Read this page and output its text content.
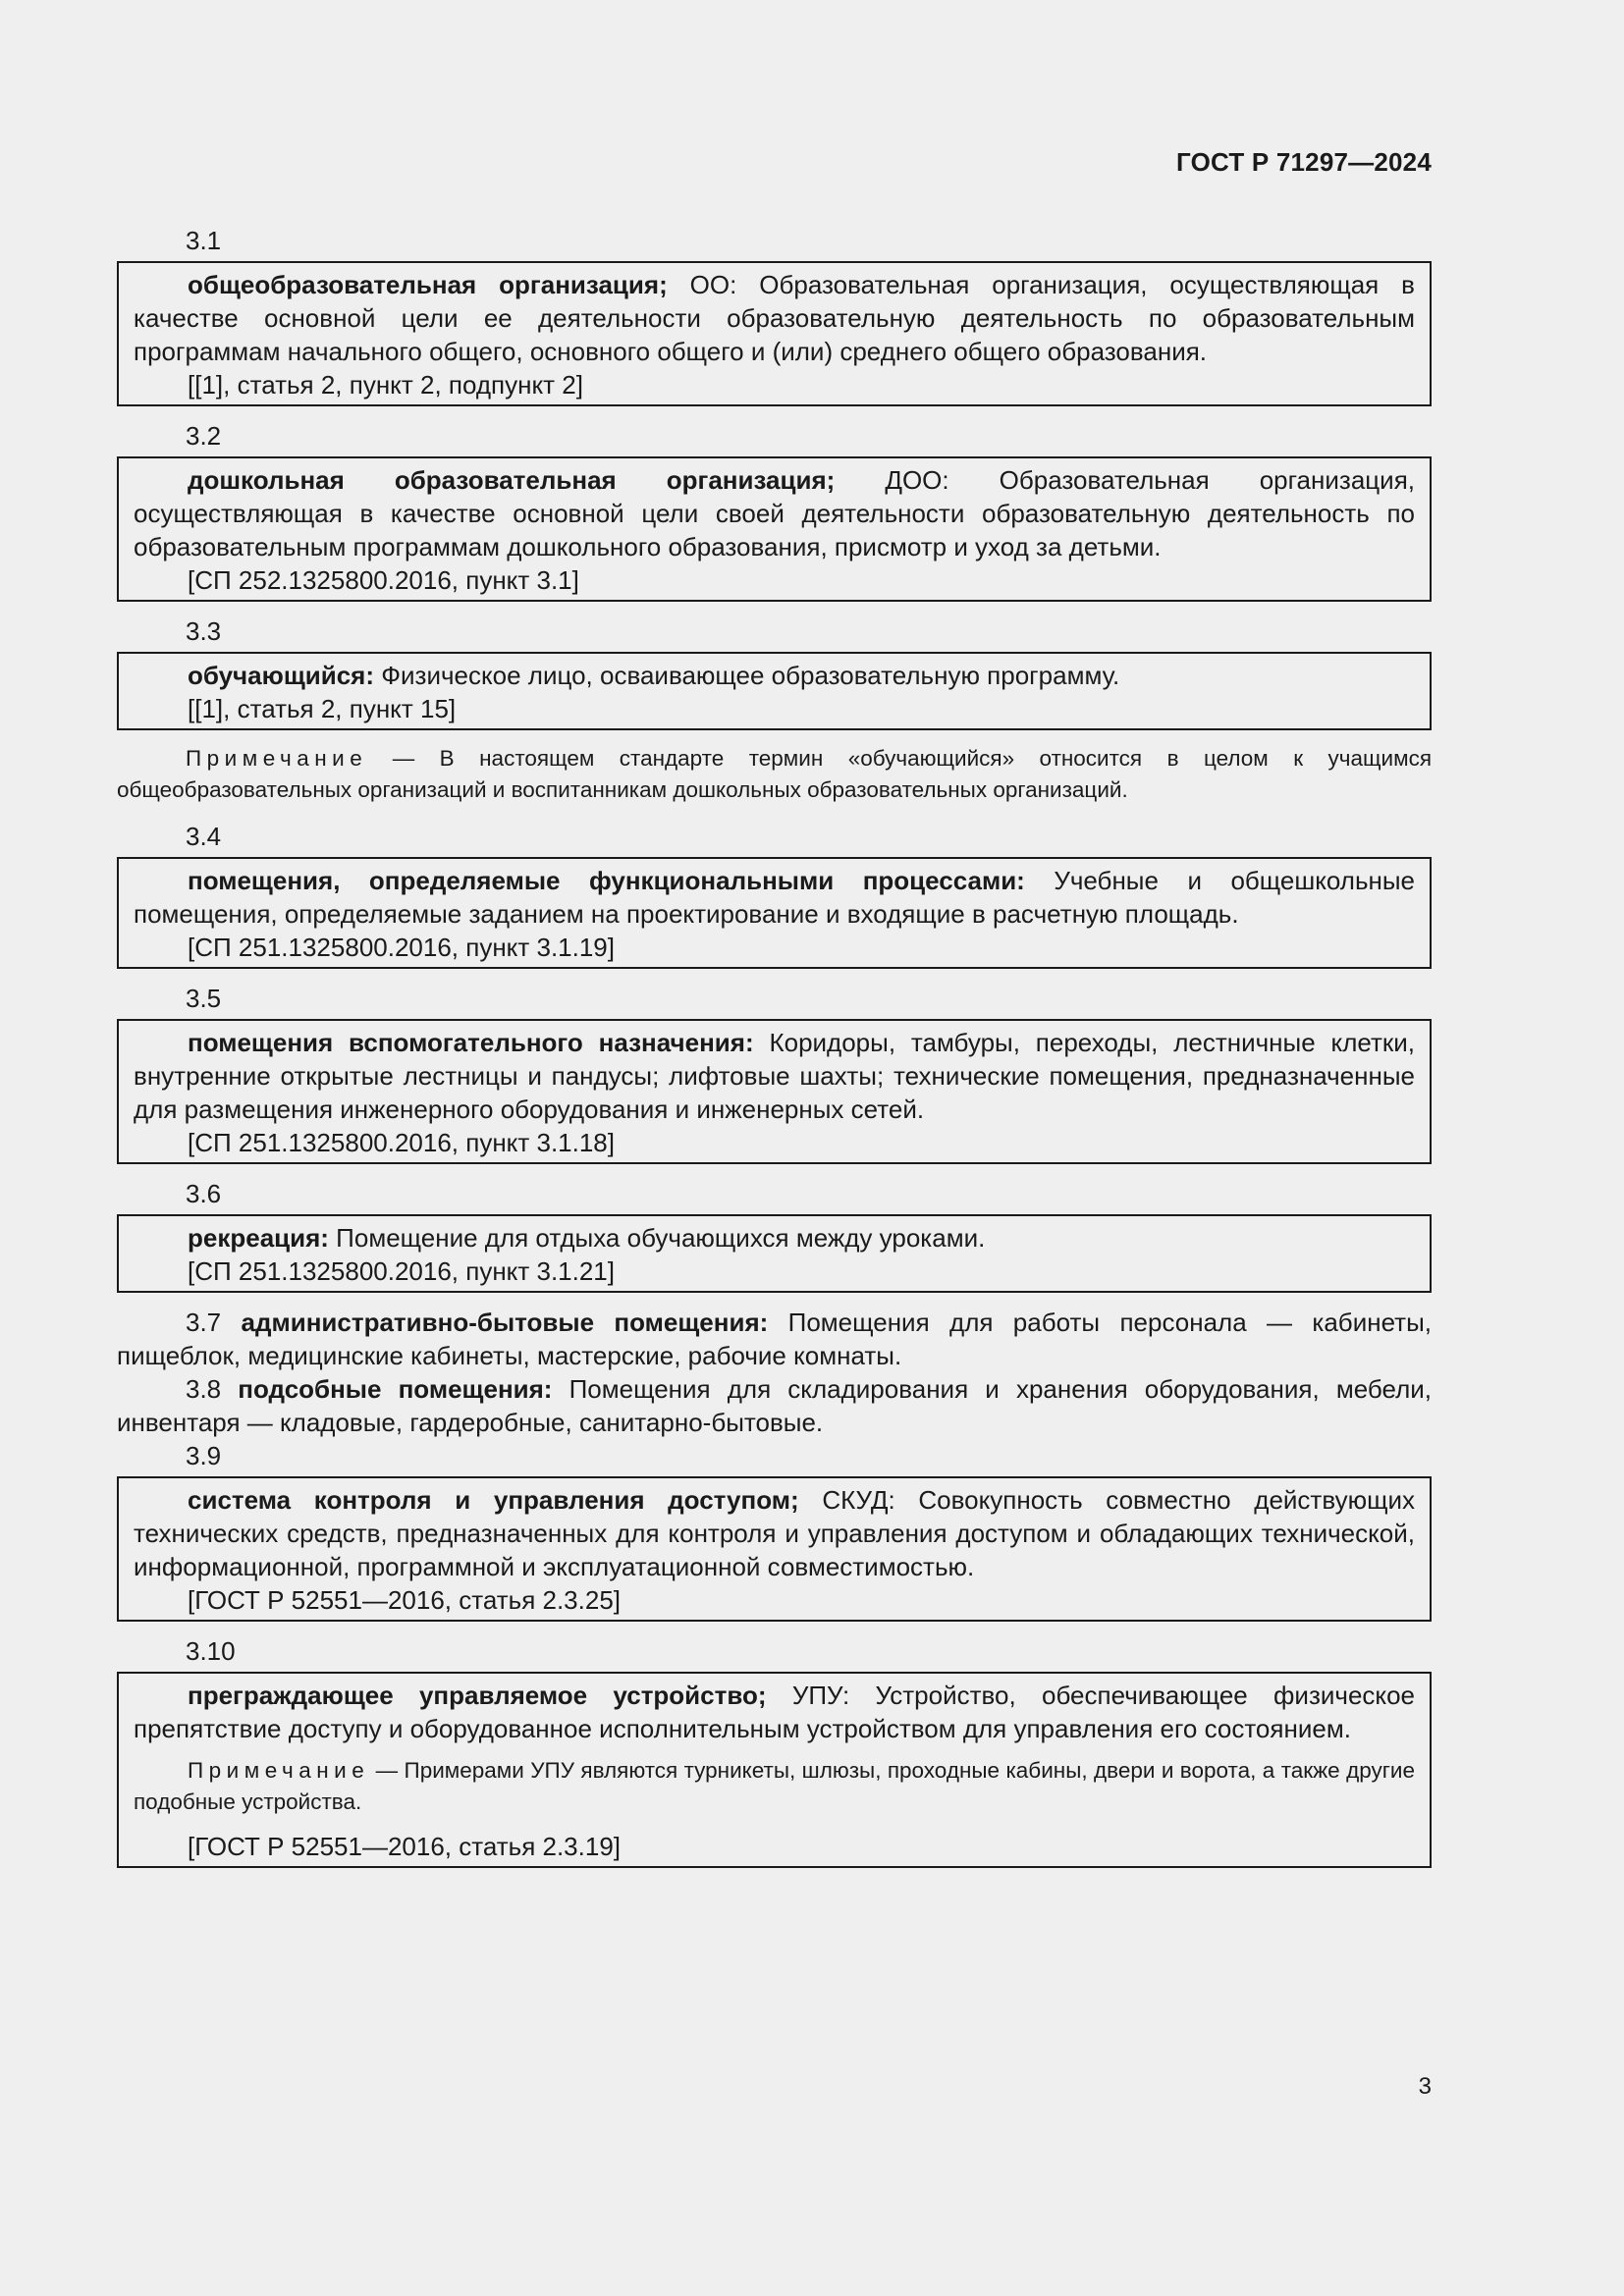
ГОСТ Р 71297—2024
3.1

общеобразовательная организация; ОО: Образовательная организация, осуществляющая в качестве основной цели ее деятельности образовательную деятельность по образовательным программам начального общего, основного общего и (или) среднего общего образования.

[[1], статья 2, пункт 2, подпункт 2]

3.2

дошкольная образовательная организация; ДОО: Образовательная организация, осуществляющая в качестве основной цели своей деятельности образовательную деятельность по образовательным программам дошкольного образования, присмотр и уход за детьми.

[СП 252.1325800.2016, пункт 3.1]

3.3

обучающийся: Физическое лицо, осваивающее образовательную программу.

[[1], статья 2, пункт 15]

Примечание — В настоящем стандарте термин «обучающийся» относится в целом к учащимся общеобразовательных организаций и воспитанникам дошкольных образовательных организаций.

3.4

помещения, определяемые функциональными процессами: Учебные и общешкольные помещения, определяемые заданием на проектирование и входящие в расчетную площадь.

[СП 251.1325800.2016, пункт 3.1.19]

3.5

помещения вспомогательного назначения: Коридоры, тамбуры, переходы, лестничные клетки, внутренние открытые лестницы и пандусы; лифтовые шахты; технические помещения, предназначенные для размещения инженерного оборудования и инженерных сетей.

[СП 251.1325800.2016, пункт 3.1.18]

3.6

рекреация: Помещение для отдыха обучающихся между уроками.

[СП 251.1325800.2016, пункт 3.1.21]

3.7 административно-бытовые помещения: Помещения для работы персонала — кабинеты, пищеблок, медицинские кабинеты, мастерские, рабочие комнаты.

3.8 подсобные помещения: Помещения для складирования и хранения оборудования, мебели, инвентаря — кладовые, гардеробные, санитарно-бытовые.

3.9

система контроля и управления доступом; СКУД: Совокупность совместно действующих технических средств, предназначенных для контроля и управления доступом и обладающих технической, информационной, программной и эксплуатационной совместимостью.

[ГОСТ Р 52551—2016, статья 2.3.25]

3.10

преграждающее управляемое устройство; УПУ: Устройство, обеспечивающее физическое препятствие доступу и оборудованное исполнительным устройством для управления его состоянием.

Примечание — Примерами УПУ являются турникеты, шлюзы, проходные кабины, двери и ворота, а также другие подобные устройства.

[ГОСТ Р 52551—2016, статья 2.3.19]

3
